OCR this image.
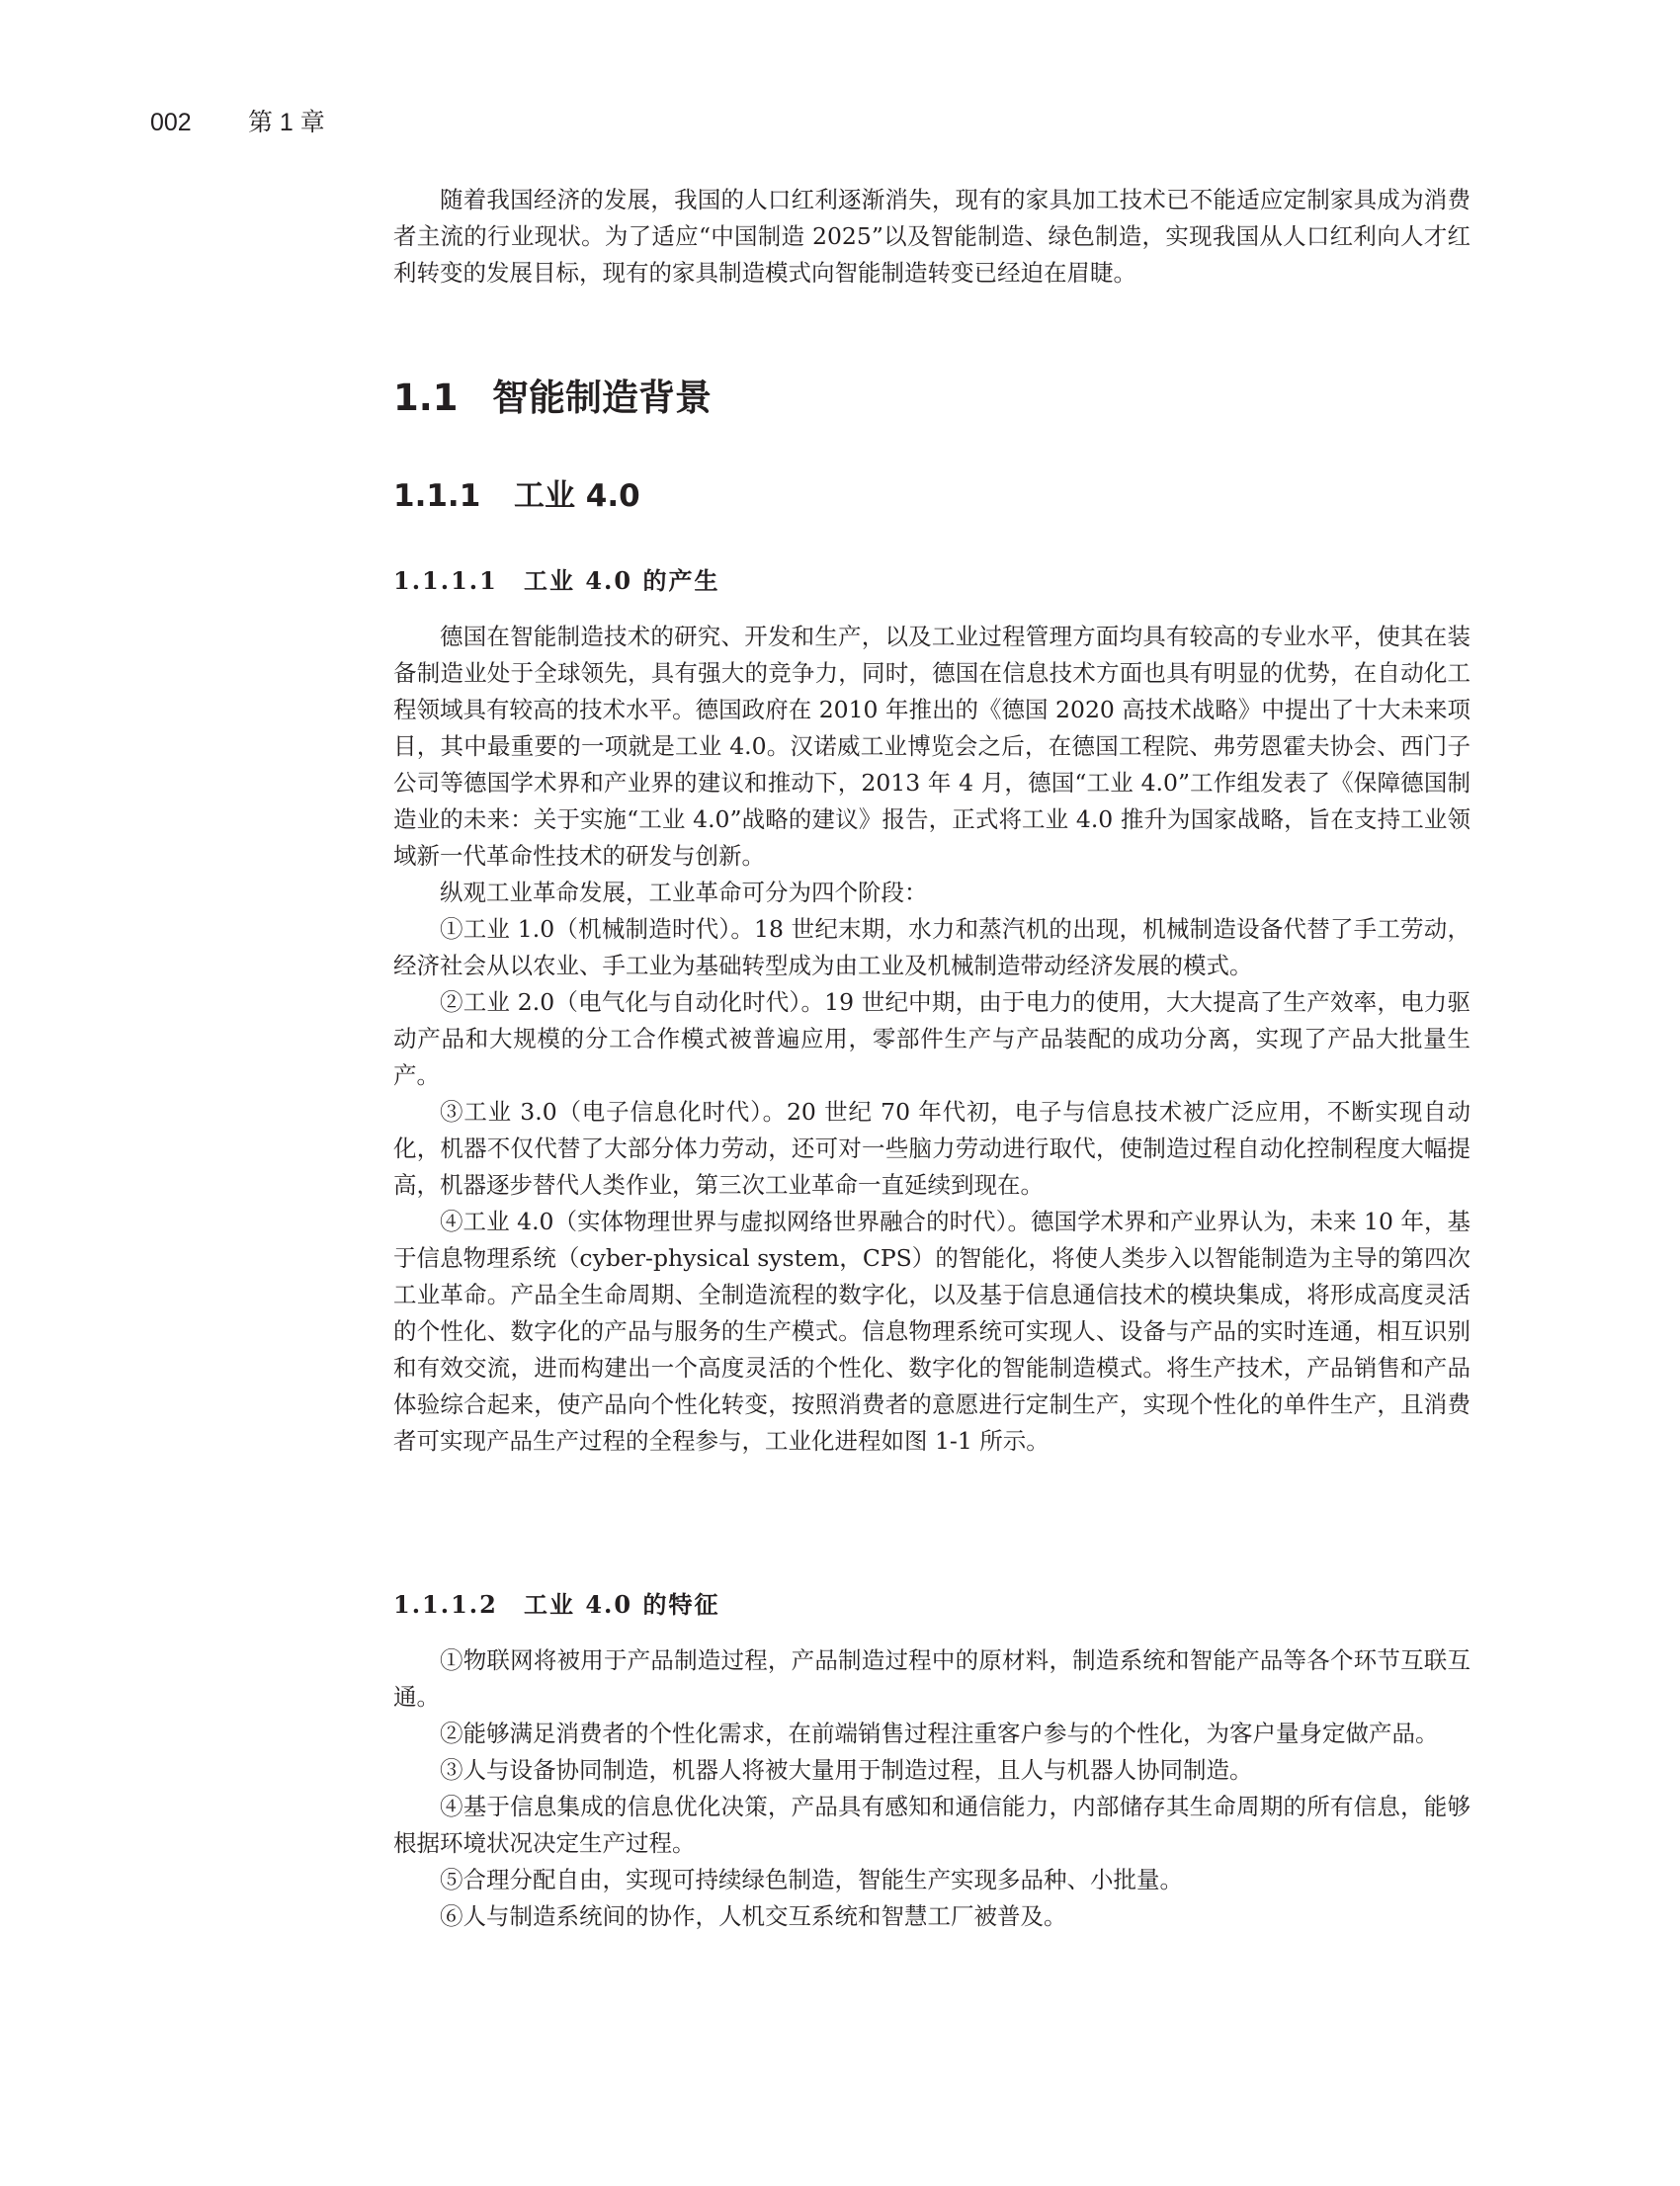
002 第 1 章

随着我国经济的发展，我国的人口红利逐渐消失，现有的家具加工技术已不能适应定制家具成为消费者主流的行业现状。为了适应“中国制造 2025”以及智能制造、绿色制造，实现我国从人口红利向人才红利转变的发展目标，现有的家具制造模式向智能制造转变已经迫在眉睫。

1.1 智能制造背景
1.1.1 工业 4.0
1.1.1.1 工业 4.0 的产生

德国在智能制造技术的研究、开发和生产，以及工业过程管理方面均具有较高的专业水平，使其在装备制造业处于全球领先，具有强大的竞争力，同时，德国在信息技术方面也具有明显的优势，在自动化工程领域具有较高的技术水平。德国政府在 2010 年推出的《德国 2020 高技术战略》中提出了十大未来项目，其中最重要的一项就是工业 4.0。汉诺威工业博览会之后，在德国工程院、弗劳恩霍夫协会、西门子公司等德国学术界和产业界的建议和推动下，2013 年 4 月，德国“工业 4.0”工作组发表了《保障德国制造业的未来：关于实施“工业 4.0”战略的建议》报告，正式将工业 4.0 推升为国家战略，旨在支持工业领域新一代革命性技术的研发与创新。

纵观工业革命发展，工业革命可分为四个阶段：

①工业 1.0（机械制造时代）。18 世纪末期，水力和蒸汽机的出现，机械制造设备代替了手工劳动，经济社会从以农业、手工业为基础转型成为由工业及机械制造带动经济发展的模式。

②工业 2.0（电气化与自动化时代）。19 世纪中期，由于电力的使用，大大提高了生产效率，电力驱动产品和大规模的分工合作模式被普遍应用，零部件生产与产品装配的成功分离，实现了产品大批量生产。

③工业 3.0（电子信息化时代）。20 世纪 70 年代初，电子与信息技术被广泛应用，不断实现自动化，机器不仅代替了大部分体力劳动，还可对一些脑力劳动进行取代，使制造过程自动化控制程度大幅提高，机器逐步替代人类作业，第三次工业革命一直延续到现在。

④工业 4.0（实体物理世界与虚拟网络世界融合的时代）。德国学术界和产业界认为，未来 10 年，基于信息物理系统（cyber-physical system，CPS）的智能化，将使人类步入以智能制造为主导的第四次工业革命。产品全生命周期、全制造流程的数字化，以及基于信息通信技术的模块集成，将形成高度灵活的个性化、数字化的产品与服务的生产模式。信息物理系统可实现人、设备与产品的实时连通，相互识别和有效交流，进而构建出一个高度灵活的个性化、数字化的智能制造模式。将生产技术，产品销售和产品体验综合起来，使产品向个性化转变，按照消费者的意愿进行定制生产，实现个性化的单件生产，且消费者可实现产品生产过程的全程参与，工业化进程如图 1-1 所示。

1.1.1.2 工业 4.0 的特征

①物联网将被用于产品制造过程，产品制造过程中的原材料，制造系统和智能产品等各个环节互联互通。

②能够满足消费者的个性化需求，在前端销售过程注重客户参与的个性化，为客户量身定做产品。

③人与设备协同制造，机器人将被大量用于制造过程，且人与机器人协同制造。

④基于信息集成的信息优化决策，产品具有感知和通信能力，内部储存其生命周期的所有信息，能够根据环境状况决定生产过程。

⑤合理分配自由，实现可持续绿色制造，智能生产实现多品种、小批量。

⑥人与制造系统间的协作，人机交互系统和智慧工厂被普及。
